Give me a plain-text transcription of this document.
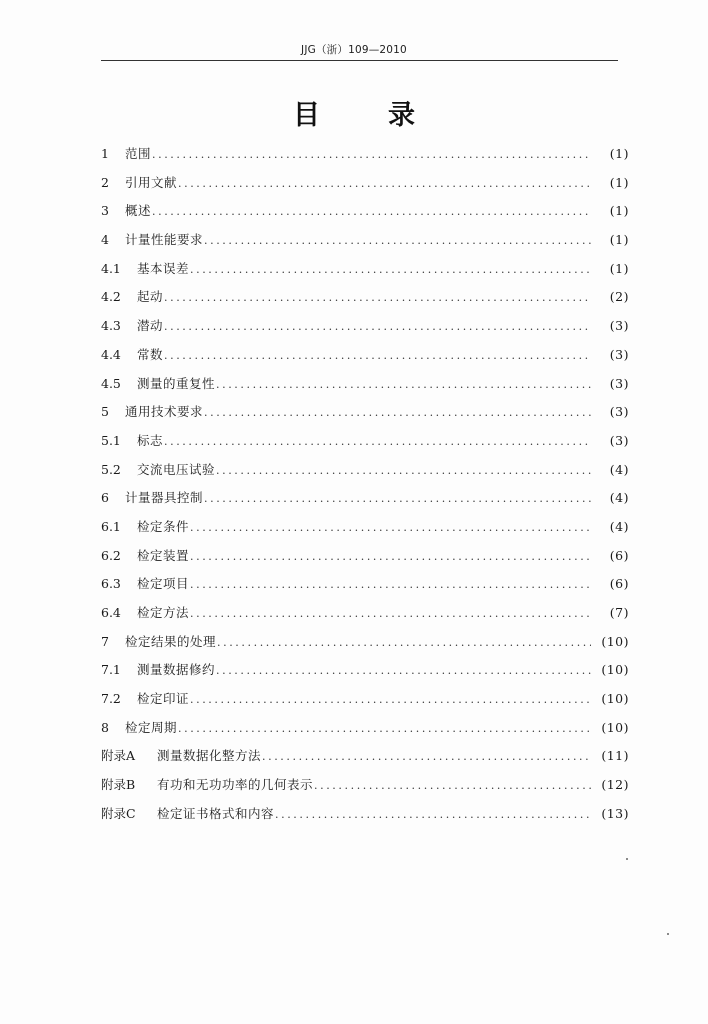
JJG（浙）109—2010
目录
1	范围 .....	(1)
2	引用文献 .....	(1)
3	概述 .....	(1)
4	计量性能要求 .....	(1)
4.1	基本误差 .....	(1)
4.2	起动 .....	(2)
4.3	潜动 .....	(3)
4.4	常数 .....	(3)
4.5	测量的重复性 .....	(3)
5	通用技术要求 .....	(3)
5.1	标志 .....	(3)
5.2	交流电压试验 .....	(4)
6	计量器具控制 .....	(4)
6.1	检定条件 .....	(4)
6.2	检定装置 .....	(6)
6.3	检定项目 .....	(6)
6.4	检定方法 .....	(7)
7	检定结果的处理 .....	(10)
7.1	测量数据修约 .....	(10)
7.2	检定印证 .....	(10)
8	检定周期 .....	(10)
附录A	测量数据化整方法 .....	(11)
附录B	有功和无功功率的几何表示 .....	(12)
附录C	检定证书格式和内容 .....	(13)
